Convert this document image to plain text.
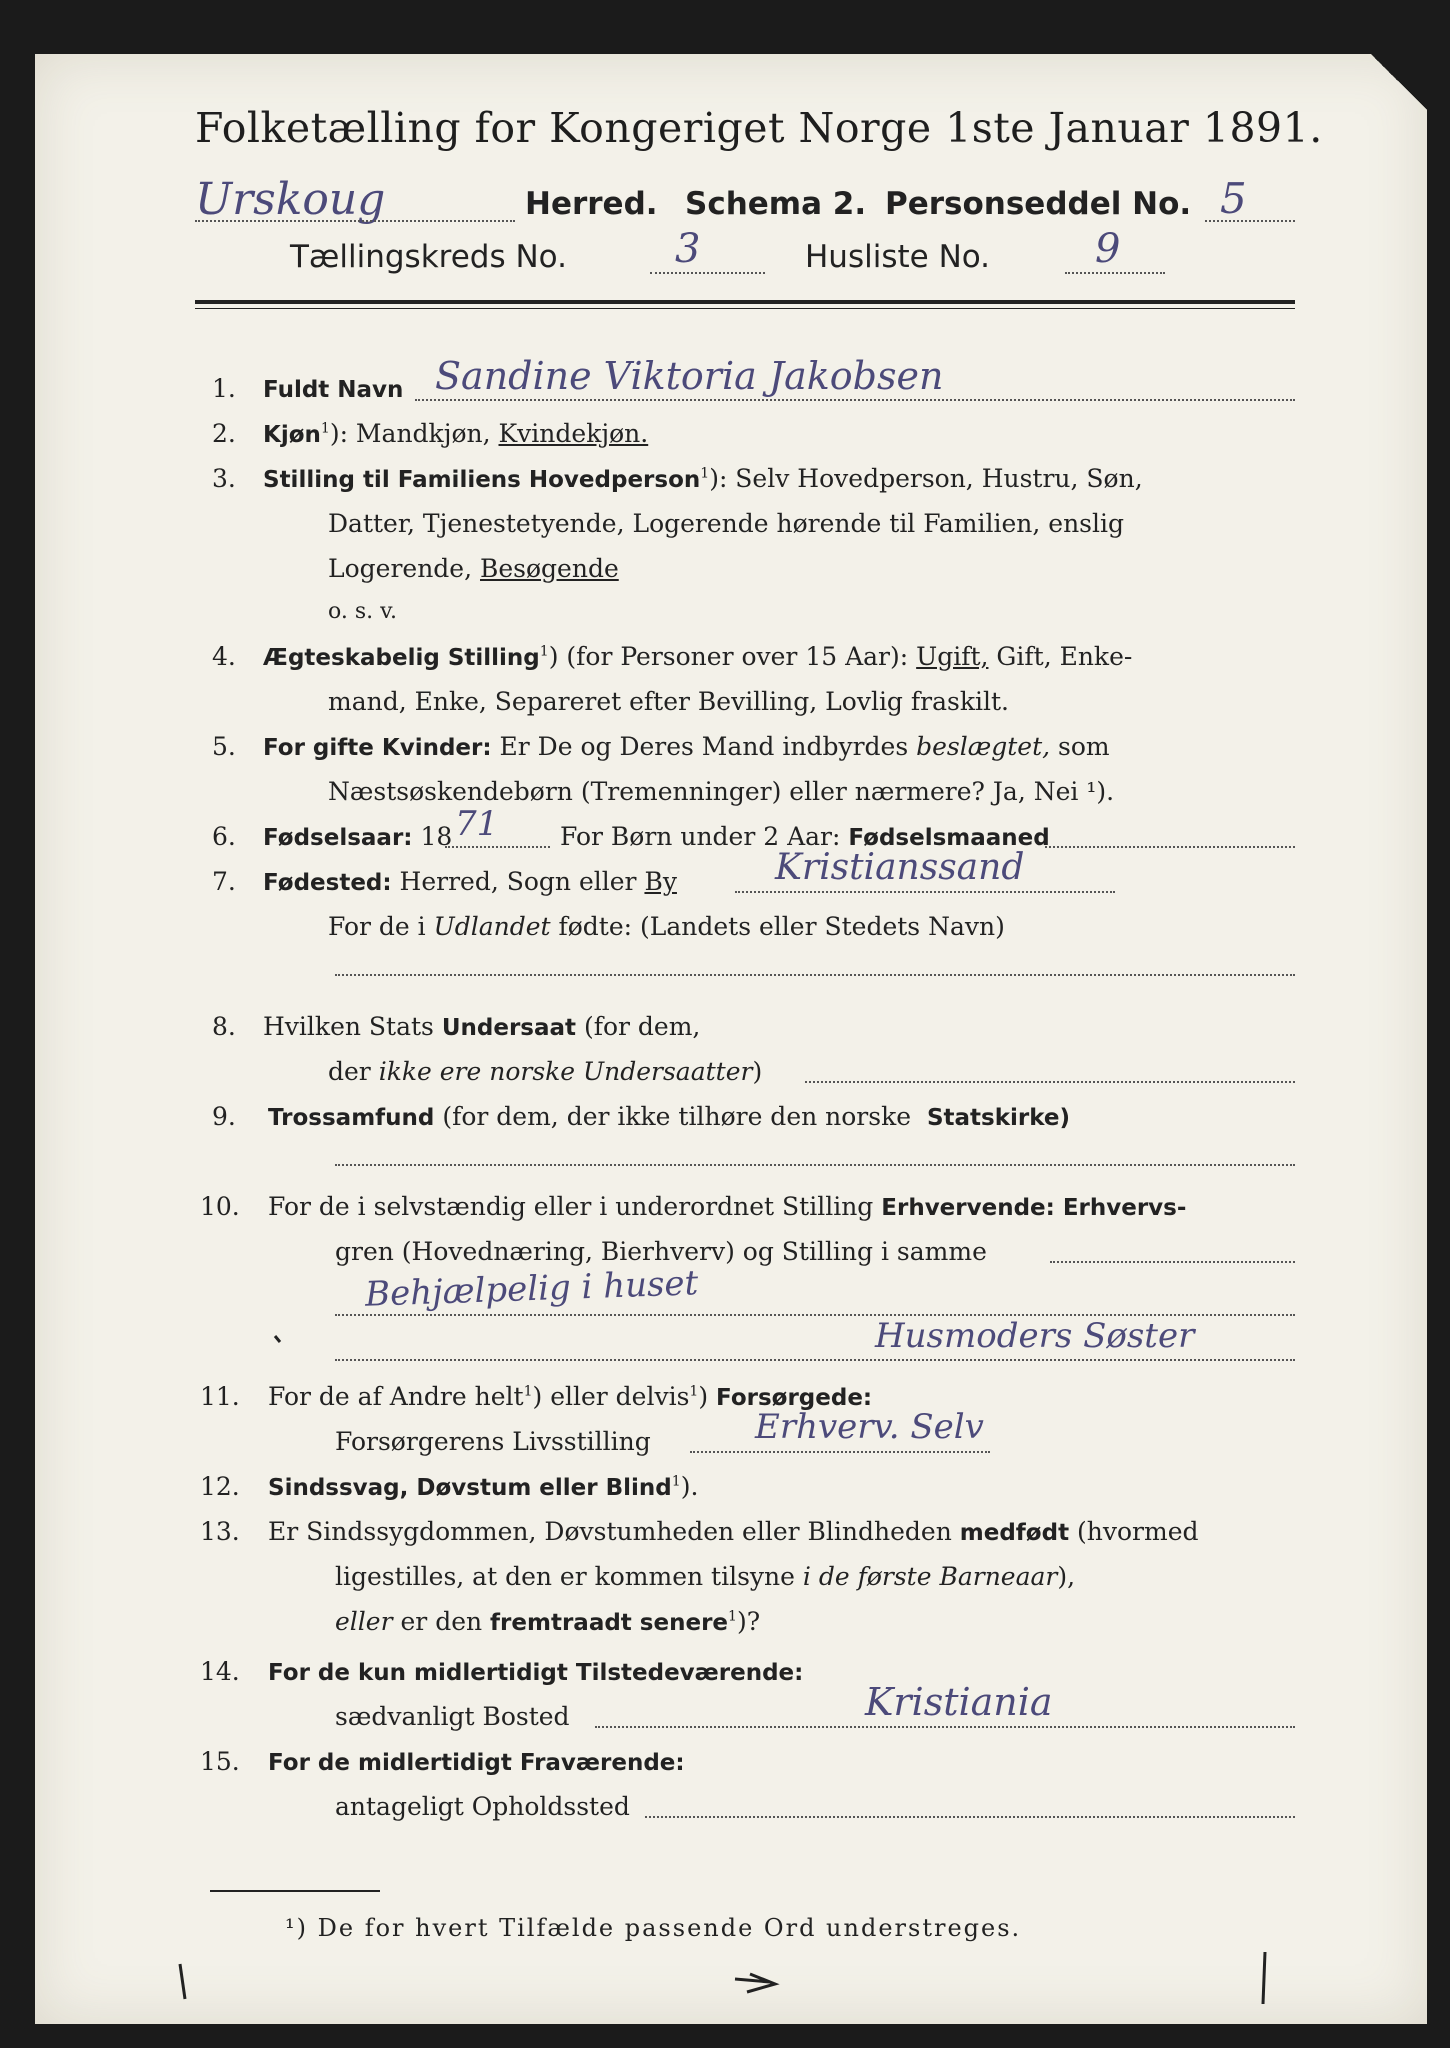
Folketælling for Kongeriget Norge 1ste Januar 1891.
Urskoug	Herred. Schema 2. Personseddel No. 5
Tællingskreds No.	3	Husliste No.	9
1. Fuldt Navn Sandine Viktoria Jakobsen
2. Kjøn$^1$): Mandkjøn, Kvindekjøn.
3. Stilling til Familiens Hovedperson$^1$): Selv Hovedperson, Hustru, Søn,
Datter, Tjenestetyende, Logerende hørende til Familien, enslig
Logerende, Besøgende
o. s. v.
4. Ægteskabelig Stilling$^1$) (for Personer over 15 Aar): Ugift, Gift, Enke-
mand, Enke, Separeret efter Bevilling, Lovlig fraskilt.
5. For gifte Kvinder: Er De og Deres Mand indbyrdes beslægtet, som
Næstsøskendebørn (Tremenninger) eller nærmere? Ja, Nei ¹).
6. Fødselsaar: 18 71 For Børn under 2 Aar: Fødselsmaaned
7. Fødested: Herred, Sogn eller By	Kristianssand
For de i Udlandet fødte: (Landets eller Stedets Navn)
8. Hvilken Stats Undersaat (for dem,
der ikke ere norske Undersaatter)
9. Trossamfund (for dem, der ikke tilhøre den norske Statskirke)
10. For de i selvstændig eller i underordnet Stilling Erhvervende: Erhvervs-
gren (Hovednæring, Bierhverv) og Stilling i samme
Behjælpelig i huset
Husmoders Søster
11. For de af Andre helt$^1$) eller delvis$^1$) Forsørgede:
Forsørgerens Livsstilling	Erhverv. Selv
12. Sindssvag, Døvstum eller Blind$^1$).
13. Er Sindssygdommen, Døvstumheden eller Blindheden medfødt (hvormed
ligestilles, at den er kommen tilsyne i de første Barneaar),
eller er den fremtraadt senere$^1$)?
14. For de kun midlertidigt Tilstedeværende:
sædvanligt Bosted	Kristiania
15. For de midlertidigt Fraværende:
antageligt Opholdssted
¹) De for hvert Tilfælde passende Ord understreges.
